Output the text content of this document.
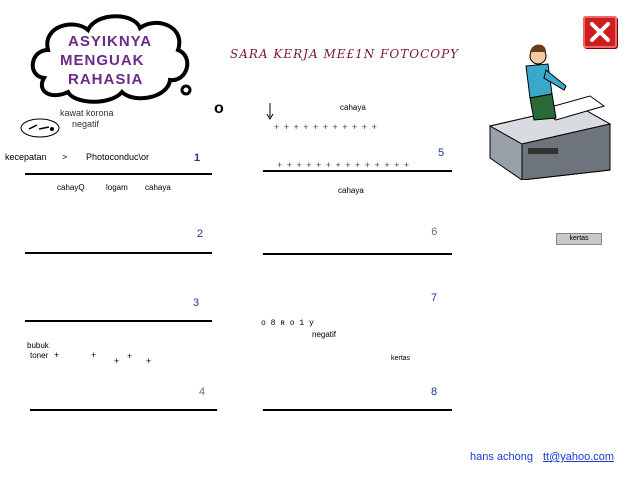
ASYIKNYA
MENGUAK
RAHASIA
SARA KERJA ME£1N FOTOCOPY
kawat korona
negatif
o
kecepatan > Photoconduc\or	1
cahayQ	logam cahaya
2
3
bubuk
toner +	+
+ + +
4
cahaya
+ + + + + + + + + + +
+ + + + + + + + + + + + + +
5
cahaya
6
7
o 8 ʀ o 1 y
negatif
kertas
8
kertas
hans achong tt@yahoo.com
